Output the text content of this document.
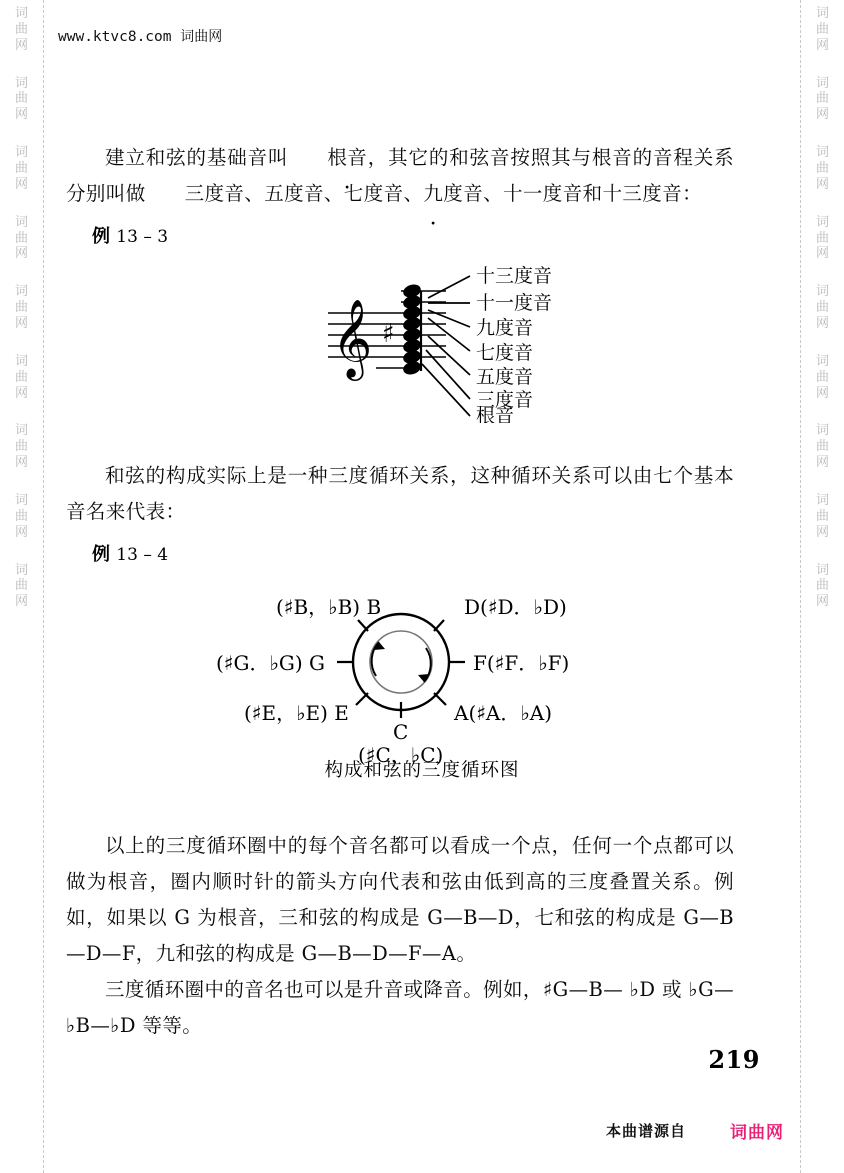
词
曲
网
词
曲
网
词
曲
网
词
曲
网
词
曲
网
词
曲
网
词
曲
网
词
曲
网
词
曲
网
词
曲
网
词
曲
网
词
曲
网
词
曲
网
词
曲
网
词
曲
网
词
曲
网
词
曲
网
词
曲
网
www.ktvc8.com 词曲网

建立和弦的基础音叫 根音，其它的和弦音按照其与根音的音程关系分别叫做 三度音、五度音、七度音、九度音、十一度音和十三度音 ·：

例 13 – 3
𝄞 ♯
十三度音
十一度音
九度音
七度音
五度音
三度音
根音

和弦的构成实际上是一种三度循环关系，这种循环关系可以由七个基本音名来代表：

例 13 – 4
(♯B，♭B) B	D(♯D．♭D)
(♯G．♭G) G	F(♯F．♭F)
(♯E，♭E) E	A(♯A．♭A)
C
(♯C，♭C)
构成和弦的三度循环图

以上的三度循环圈中的每个音名都可以看成一个点，任何一个点都可以做为根音，圈内顺时针的箭头方向代表和弦由低到高的三度叠置关系。例如，如果以 G 为根音，三和弦的构成是 G—B—D，七和弦的构成是 G—B—D—F，九和弦的构成是 G—B—D—F—A。

三度循环圈中的音名也可以是升音或降音。例如，♯G—B— ♭D 或 ♭G—♭B—♭D 等等。

219
本曲谱源自	词曲网
